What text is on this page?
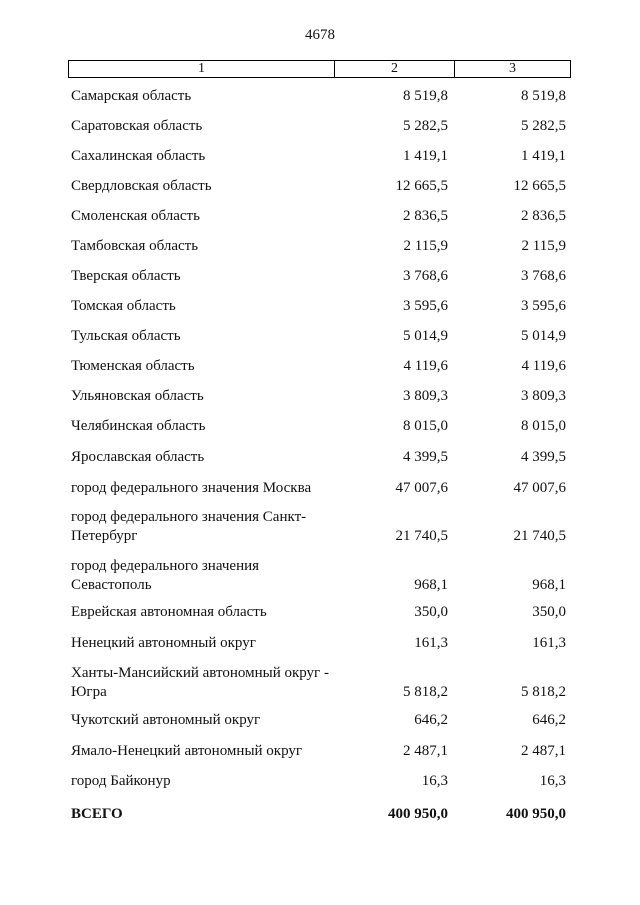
4678
1	2	3
Самарская область	8 519,8	8 519,8
Саратовская область	5 282,5	5 282,5
Сахалинская область	1 419,1	1 419,1
Свердловская область	12 665,5	12 665,5
Смоленская область	2 836,5	2 836,5
Тамбовская область	2 115,9	2 115,9
Тверская область	3 768,6	3 768,6
Томская область	3 595,6	3 595,6
Тульская область	5 014,9	5 014,9
Тюменская область	4 119,6	4 119,6
Ульяновская область	3 809,3	3 809,3
Челябинская область	8 015,0	8 015,0
Ярославская область	4 399,5	4 399,5
город федерального значения Москва	47 007,6	47 007,6
город федерального значения Санкт-Петербург	21 740,5	21 740,5
город федерального значения Севастополь	968,1	968,1
Еврейская автономная область	350,0	350,0
Ненецкий автономный округ	161,3	161,3
Ханты-Мансийский автономный округ - Югра	5 818,2	5 818,2
Чукотский автономный округ	646,2	646,2
Ямало-Ненецкий автономный округ	2 487,1	2 487,1
город Байконур	16,3	16,3
ВСЕГО	400 950,0	400 950,0
